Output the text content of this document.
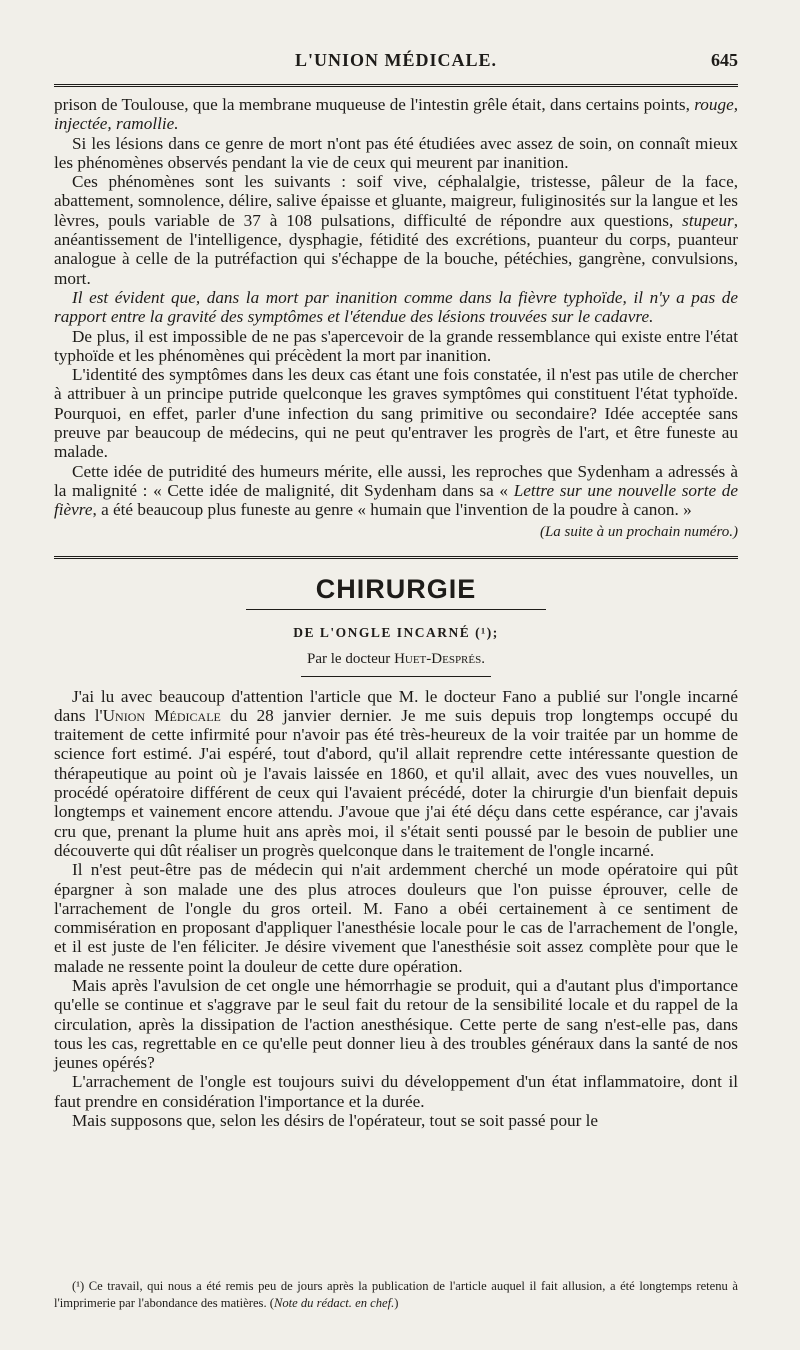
L'UNION MÉDICALE.	645

prison de Toulouse, que la membrane muqueuse de l'intestin grêle était, dans certains points, rouge, injectée, ramollie.

Si les lésions dans ce genre de mort n'ont pas été étudiées avec assez de soin, on connaît mieux les phénomènes observés pendant la vie de ceux qui meurent par inanition.

Ces phénomènes sont les suivants : soif vive, céphalalgie, tristesse, pâleur de la face, abattement, somnolence, délire, salive épaisse et gluante, maigreur, fuliginosités sur la langue et les lèvres, pouls variable de 37 à 108 pulsations, difficulté de répondre aux questions, stupeur, anéantissement de l'intelligence, dysphagie, fétidité des excrétions, puanteur du corps, puanteur analogue à celle de la putréfaction qui s'échappe de la bouche, pétéchies, gangrène, convulsions, mort.

Il est évident que, dans la mort par inanition comme dans la fièvre typhoïde, il n'y a pas de rapport entre la gravité des symptômes et l'étendue des lésions trouvées sur le cadavre.

De plus, il est impossible de ne pas s'apercevoir de la grande ressemblance qui existe entre l'état typhoïde et les phénomènes qui précèdent la mort par inanition.

L'identité des symptômes dans les deux cas étant une fois constatée, il n'est pas utile de chercher à attribuer à un principe putride quelconque les graves symptômes qui constituent l'état typhoïde. Pourquoi, en effet, parler d'une infection du sang primitive ou secondaire? Idée acceptée sans preuve par beaucoup de médecins, qui ne peut qu'entraver les progrès de l'art, et être funeste au malade.

Cette idée de putridité des humeurs mérite, elle aussi, les reproches que Sydenham a adressés à la malignité : « Cette idée de malignité, dit Sydenham dans sa « Lettre sur une nouvelle sorte de fièvre, a été beaucoup plus funeste au genre « humain que l'invention de la poudre à canon. »

(La suite à un prochain numéro.)
CHIRURGIE
DE L'ONGLE INCARNÉ (¹);
Par le docteur Huet-Després.

J'ai lu avec beaucoup d'attention l'article que M. le docteur Fano a publié sur l'ongle incarné dans l'Union Médicale du 28 janvier dernier. Je me suis depuis trop longtemps occupé du traitement de cette infirmité pour n'avoir pas été très-heureux de la voir traitée par un homme de science fort estimé. J'ai espéré, tout d'abord, qu'il allait reprendre cette intéressante question de thérapeutique au point où je l'avais laissée en 1860, et qu'il allait, avec des vues nouvelles, un procédé opératoire différent de ceux qui l'avaient précédé, doter la chirurgie d'un bienfait depuis longtemps et vainement encore attendu. J'avoue que j'ai été déçu dans cette espérance, car j'avais cru que, prenant la plume huit ans après moi, il s'était senti poussé par le besoin de publier une découverte qui dût réaliser un progrès quelconque dans le traitement de l'ongle incarné.

Il n'est peut-être pas de médecin qui n'ait ardemment cherché un mode opératoire qui pût épargner à son malade une des plus atroces douleurs que l'on puisse éprouver, celle de l'arrachement de l'ongle du gros orteil. M. Fano a obéi certainement à ce sentiment de commisération en proposant d'appliquer l'anesthésie locale pour le cas de l'arrachement de l'ongle, et il est juste de l'en féliciter. Je désire vivement que l'anesthésie soit assez complète pour que le malade ne ressente point la douleur de cette dure opération.

Mais après l'avulsion de cet ongle une hémorrhagie se produit, qui a d'autant plus d'importance qu'elle se continue et s'aggrave par le seul fait du retour de la sensibilité locale et du rappel de la circulation, après la dissipation de l'action anesthésique. Cette perte de sang n'est-elle pas, dans tous les cas, regrettable en ce qu'elle peut donner lieu à des troubles généraux dans la santé de nos jeunes opérés?

L'arrachement de l'ongle est toujours suivi du développement d'un état inflammatoire, dont il faut prendre en considération l'importance et la durée.

Mais supposons que, selon les désirs de l'opérateur, tout se soit passé pour le

(¹) Ce travail, qui nous a été remis peu de jours après la publication de l'article auquel il fait allusion, a été longtemps retenu à l'imprimerie par l'abondance des matières. (Note du rédact. en chef.)
